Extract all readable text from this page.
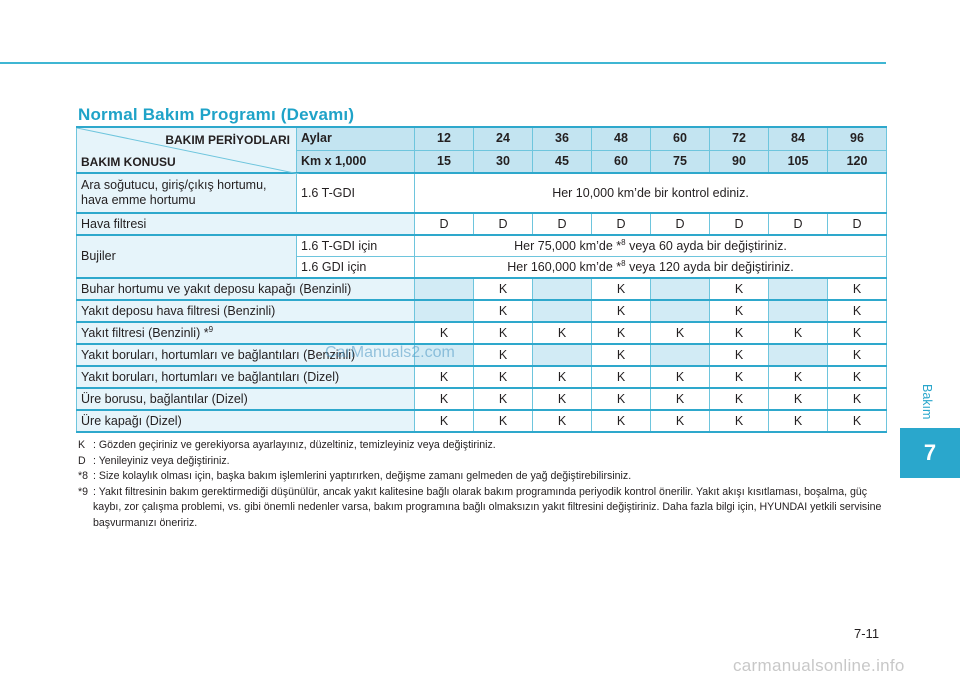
Normal Bakım Programı (Devamı)
BAKIM PERİYODLARI
BAKIM KONUSU	Aylar	12	24	36	48	60	72	84	96
	Km x 1,000	15	30	45	60	75	90	105	120
Ara soğutucu, giriş/çıkış hortumu, hava emme hortumu	1.6 T-GDI	Her 10,000 km’de bir kontrol ediniz.							
Hava filtresi		D	D	D	D	D	D	D	D
Bujiler	1.6 T-GDI için	Her 75,000 km’de *$^8$ veya 60 ayda bir değiştiriniz.							
	1.6 GDI için	Her 160,000 km’de *$^8$ veya 120 ayda bir değiştiriniz.							
Buhar hortumu ve yakıt deposu kapağı (Benzinli)			K		K		K		K
Yakıt deposu hava filtresi (Benzinli)			K		K		K		K
Yakıt filtresi (Benzinli) *$^9$		K	K	K	K	K	K	K	K
Yakıt boruları, hortumları ve bağlantıları (Benzinli)			K		K		K		K
Yakıt boruları, hortumları ve bağlantıları (Dizel)		K	K	K	K	K	K	K	K
Üre borusu, bağlantılar (Dizel)		K	K	K	K	K	K	K	K
Üre kapağı (Dizel)		K	K	K	K	K	K	K	K
CarManuals2.com
K : Gözden geçiriniz ve gerekiyorsa ayarlayınız, düzeltiniz, temizleyiniz veya değiştiriniz.
D : Yenileyiniz veya değiştiriniz.
*8 : Size kolaylık olması için, başka bakım işlemlerini yaptırırken, değişme zamanı gelmeden de yağ değiştirebilirsiniz.
*9 : Yakıt filtresinin bakım gerektirmediği düşünülür, ancak yakıt kalitesine bağlı olarak bakım programında periyodik kontrol önerilir. Yakıt akışı kısıtlaması, boşalma, güç kaybı, zor çalışma problemi, vs. gibi önemli nedenler varsa, bakım programına bağlı olmaksızın yakıt filtresini değiştiriniz. Daha fazla bilgi için, HYUNDAI yetkili servisine başvurmanızı öneririz.
Bakım
7
7-11
carmanualsonline.info
